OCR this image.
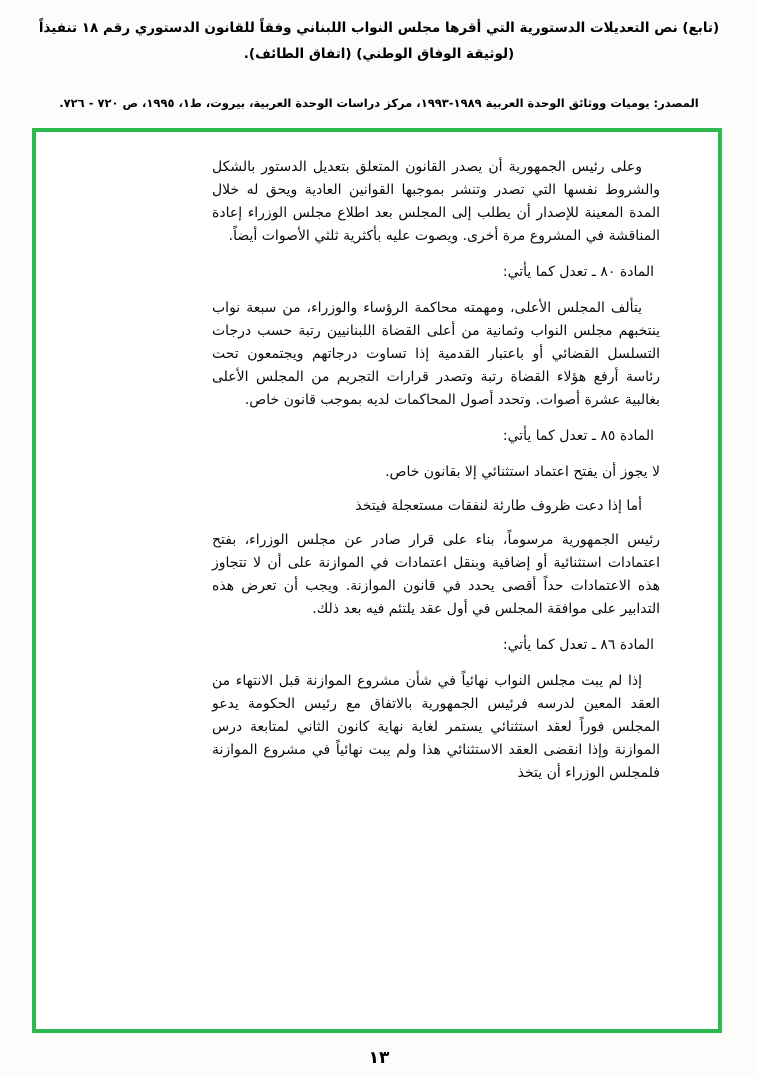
(تابع) نص التعديلات الدستورية التي أقرها مجلس النواب اللبناني وفقاً للقانون الدستوري رقم ١٨ تنفيذاً (لوثيقة الوفاق الوطني) (اتفاق الطائف).
المصدر: يوميات ووثائق الوحدة العربية ١٩٨٩-١٩٩٣، مركز دراسات الوحدة العربية، بيروت، ط١، ١٩٩٥، ص ٧٢٠ - ٧٢٦.

وعلى رئيس الجمهورية أن يصدر القانون المتعلق بتعديل الدستور بالشكل والشروط نفسها التي تصدر وتنشر بموجبها القوانين العادية ويحق له خلال المدة المعينة للإصدار أن يطلب إلى المجلس بعد اطلاع مجلس الوزراء إعادة المناقشة في المشروع مرة أخرى. ويصوت عليه بأكثرية ثلثي الأصوات أيضاً.

المادة ٨٠ ـ تعدل كما يأتي:

يتألف المجلس الأعلى، ومهمته محاكمة الرؤساء والوزراء، من سبعة نواب ينتخبهم مجلس النواب وثمانية من أعلى القضاة اللبنانيين رتبة حسب درجات التسلسل القضائي أو باعتبار القدمية إذا تساوت درجاتهم ويجتمعون تحت رئاسة أرفع هؤلاء القضاة رتبة وتصدر قرارات التجريم من المجلس الأعلى بغالبية عشرة أصوات. وتحدد أصول المحاكمات لديه بموجب قانون خاص.

المادة ٨٥ ـ تعدل كما يأتي:

لا يجوز أن يفتح اعتماد استثنائي إلا بقانون خاص.

أما إذا دعت ظروف طارئة لنفقات مستعجلة فيتخذ

رئيس الجمهورية مرسوماً، بناء على قرار صادر عن مجلس الوزراء، بفتح اعتمادات استثنائية أو إضافية وبنقل اعتمادات في الموازنة على أن لا تتجاوز هذه الاعتمادات حداً أقصى يحدد في قانون الموازنة. ويجب أن تعرض هذه التدابير على موافقة المجلس في أول عقد يلتئم فيه بعد ذلك.

المادة ٨٦ ـ تعدل كما يأتي:

إذا لم يبت مجلس النواب نهائياً في شأن مشروع الموازنة قبل الانتهاء من العقد المعين لدرسه فرئيس الجمهورية بالاتفاق مع رئيس الحكومة يدعو المجلس فوراً لعقد استثنائي يستمر لغاية نهاية كانون الثاني لمتابعة درس الموازنة وإذا انقضى العقد الاستثنائي هذا ولم يبت نهائياً في مشروع الموازنة فلمجلس الوزراء أن يتخذ

١٣
